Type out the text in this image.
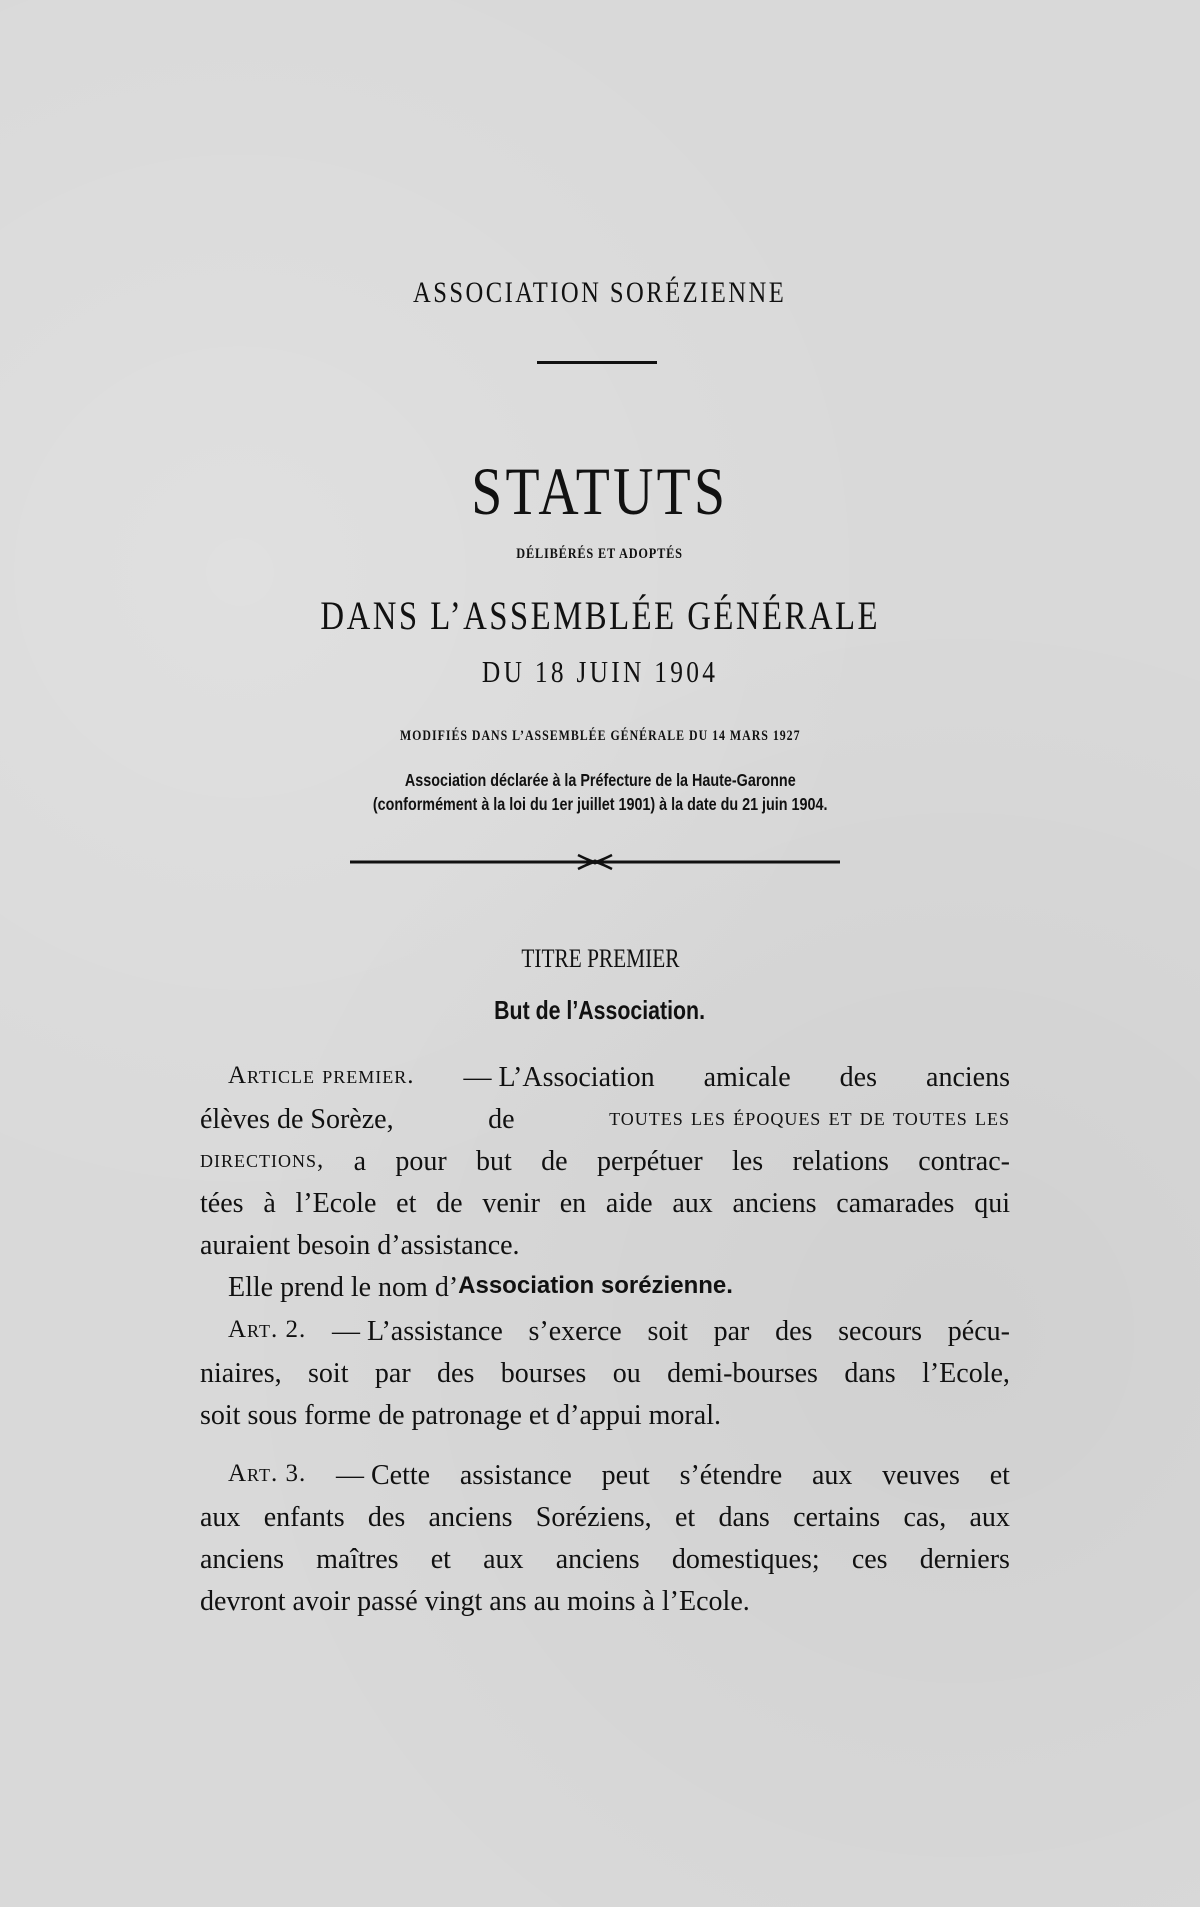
ASSOCIATION SORÉZIENNE
STATUTS
DÉLIBÉRÉS ET ADOPTÉS
DANS L’ASSEMBLÉE GÉNÉRALE
DU 18 JUIN 1904
MODIFIÉS DANS L’ASSEMBLÉE GÉNÉRALE DU 14 MARS 1927
Association déclarée à la Préfecture de la Haute-Garonne
(conformément à la loi du 1er juillet 1901) à la date du 21 juin 1904.
TITRE PREMIER
But de l’Association.
Article premier. — L’Association amicale des anciens
élèves de Sorèze,	de	toutes les époques et de toutes les
directions, a pour but de perpétuer les relations contrac-
tées à l’Ecole et de venir en aide aux anciens camarades qui
auraient besoin d’assistance.
Elle prend le nom d’ Association sorézienne.
Art. 2. — L’assistance s’exerce soit par des secours pécu-
niaires, soit par des bourses ou demi-bourses dans l’Ecole,
soit sous forme de patronage et d’appui moral.
Art. 3. — Cette assistance peut s’étendre aux veuves et
aux enfants des anciens Soréziens, et dans certains cas, aux
anciens maîtres et aux anciens domestiques; ces derniers
devront avoir passé vingt ans au moins à l’Ecole.
